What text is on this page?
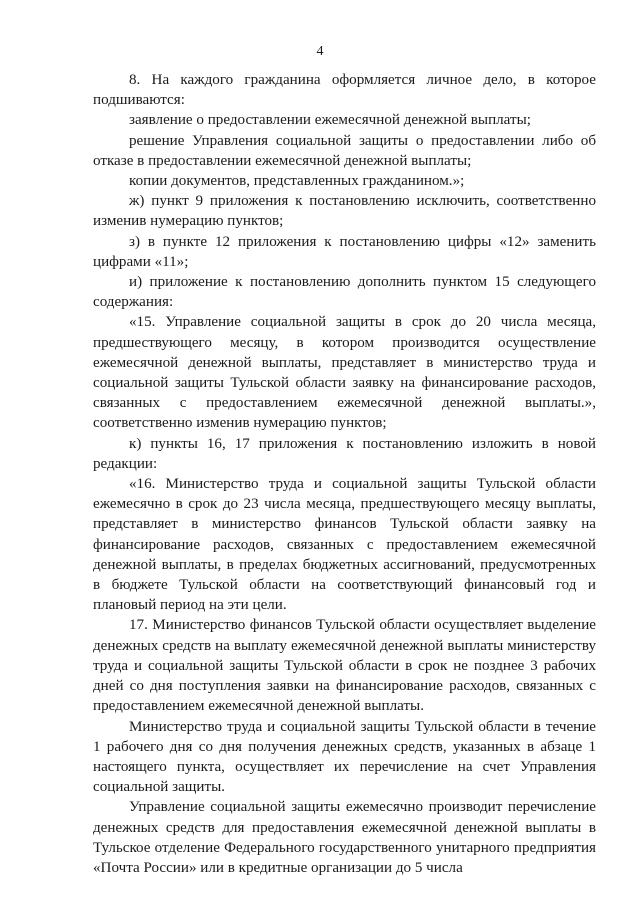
4

8. На каждого гражданина оформляется личное дело, в которое подшиваются:

заявление о предоставлении ежемесячной денежной выплаты;

решение Управления социальной защиты о предоставлении либо об отказе в предоставлении ежемесячной денежной выплаты;

копии документов, представленных гражданином.»;

ж) пункт 9 приложения к постановлению исключить, соответственно изменив нумерацию пунктов;

з) в пункте 12 приложения к постановлению цифры «12» заменить цифрами «11»;

и) приложение к постановлению дополнить пунктом 15 следующего содержания:

«15. Управление социальной защиты в срок до 20 числа месяца, предшествующего месяцу, в котором производится осуществление ежемесячной денежной выплаты, представляет в министерство труда и социальной защиты Тульской области заявку на финансирование расходов, связанных с предоставлением ежемесячной денежной выплаты.», соответственно изменив нумерацию пунктов;

к) пункты 16, 17 приложения к постановлению изложить в новой редакции:

«16. Министерство труда и социальной защиты Тульской области ежемесячно в срок до 23 числа месяца, предшествующего месяцу выплаты, представляет в министерство финансов Тульской области заявку на финансирование расходов, связанных с предоставлением ежемесячной денежной выплаты, в пределах бюджетных ассигнований, предусмотренных в бюджете Тульской области на соответствующий финансовый год и плановый период на эти цели.

17. Министерство финансов Тульской области осуществляет выделение денежных средств на выплату ежемесячной денежной выплаты министерству труда и социальной защиты Тульской области в срок не позднее 3 рабочих дней со дня поступления заявки на финансирование расходов, связанных с предоставлением ежемесячной денежной выплаты.

Министерство труда и социальной защиты Тульской области в течение 1 рабочего дня со дня получения денежных средств, указанных в абзаце 1 настоящего пункта, осуществляет их перечисление на счет Управления социальной защиты.

Управление социальной защиты ежемесячно производит перечисление денежных средств для предоставления ежемесячной денежной выплаты в Тульское отделение Федерального государственного унитарного предприятия «Почта России» или в кредитные организации до 5 числа
